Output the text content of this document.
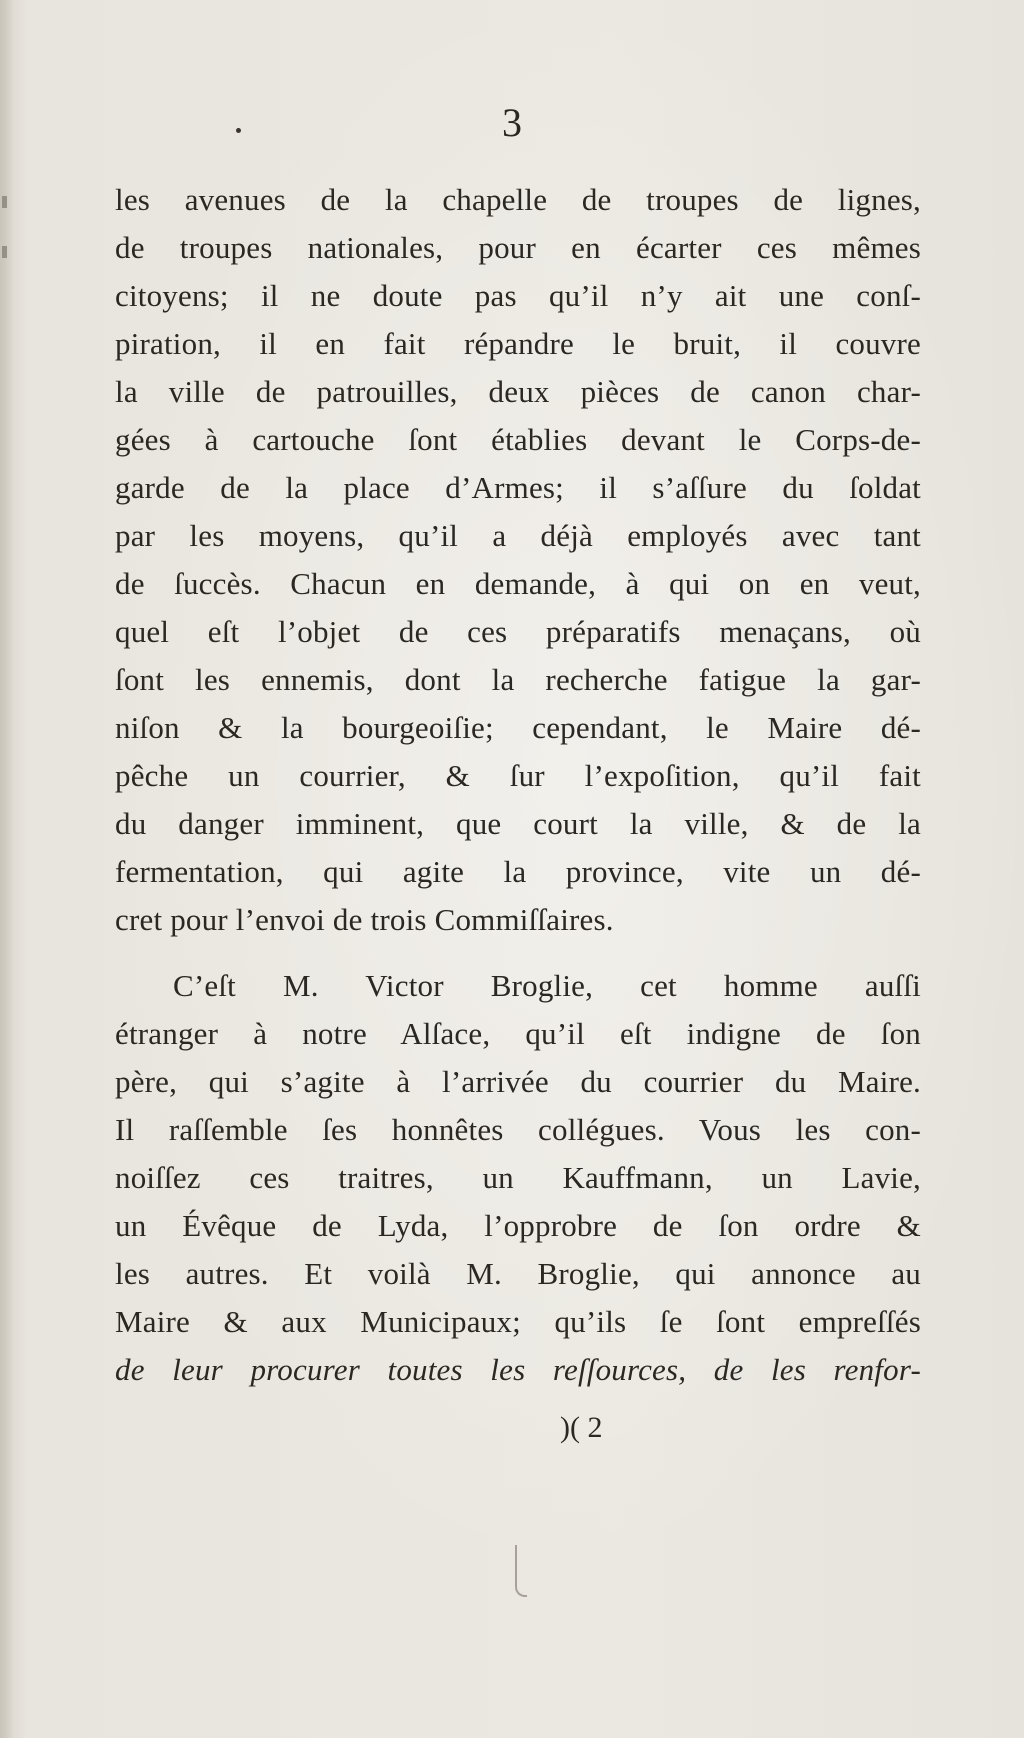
3
les avenues de la chapelle de troupes de lignes,
de troupes nationales, pour en écarter ces mêmes
citoyens; il ne doute pas qu’il n’y ait une conſ-
piration, il en fait répandre le bruit, il couvre
la ville de patrouilles, deux pièces de canon char-
gées à cartouche ſont établies devant le Corps-de-
garde de la place d’Armes; il s’aſſure du ſoldat
par les moyens, qu’il a déjà employés avec tant
de ſuccès. Chacun en demande, à qui on en veut,
quel eſt l’objet de ces préparatifs menaçans, où
ſont les ennemis, dont la recherche fatigue la gar-
niſon & la bourgeoiſie; cependant, le Maire dé-
pêche un courrier, & ſur l’expoſition, qu’il fait
du danger imminent, que court la ville, & de la
fermentation, qui agite la province, vite un dé-
cret pour l’envoi de trois Commiſſaires.
C’eſt M. Victor Broglie, cet homme auſſi
étranger à notre Alſace, qu’il eſt indigne de ſon
père, qui s’agite à l’arrivée du courrier du Maire.
Il raſſemble ſes honnêtes collégues. Vous les con-
noiſſez ces traitres, un Kauffmann, un Lavie,
un Évêque de Lyda, l’opprobre de ſon ordre &
les autres. Et voilà M. Broglie, qui annonce au
Maire & aux Municipaux; qu’ils ſe ſont empreſſés
de leur procurer toutes les reſſources, de les renfor-
)( 2
